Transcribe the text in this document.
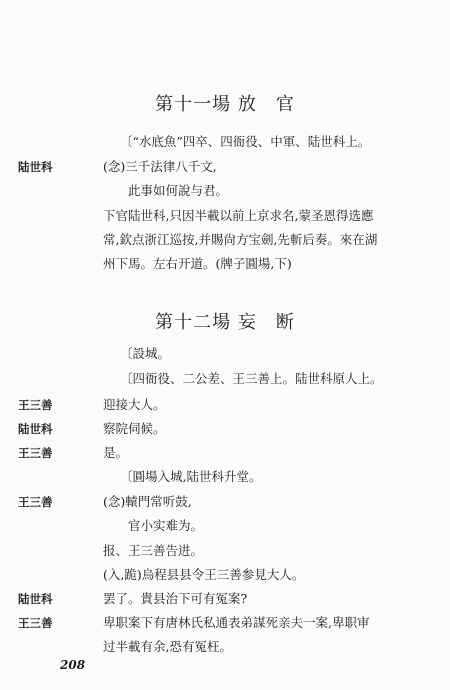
第十一場 放　官
〔“水底魚”四卒、四衙役、中軍、陆世科上。
陆世科	(念)三千法律八千文,
此事如何說与君。
下官陆世科,只因半載以前上京求名,蒙圣恩得选應
常,欽点浙江巡按,并賜尙方宝劍,先斬后奏。來在湖
州下馬。左右开道。(牌子圓場,下)
第十二場 妄　断
〔設城。
〔四衙役、二公差、王三善上。陆世科原人上。
王三善	迎接大人。
陆世科	察院伺候。
王三善	是。
〔圓場入城,陆世科升堂。
王三善	(念)轅門常听鼓,
官小实难为。
报、王三善告进。
(入,跪)烏程县县令王三善参見大人。
陆世科	罢了。貴县治下可有冤案?
王三善	卑职案下有唐林氏私通表弟謀死亲夫一案,卑职审
过半載有余,恐有冤枉。
208
